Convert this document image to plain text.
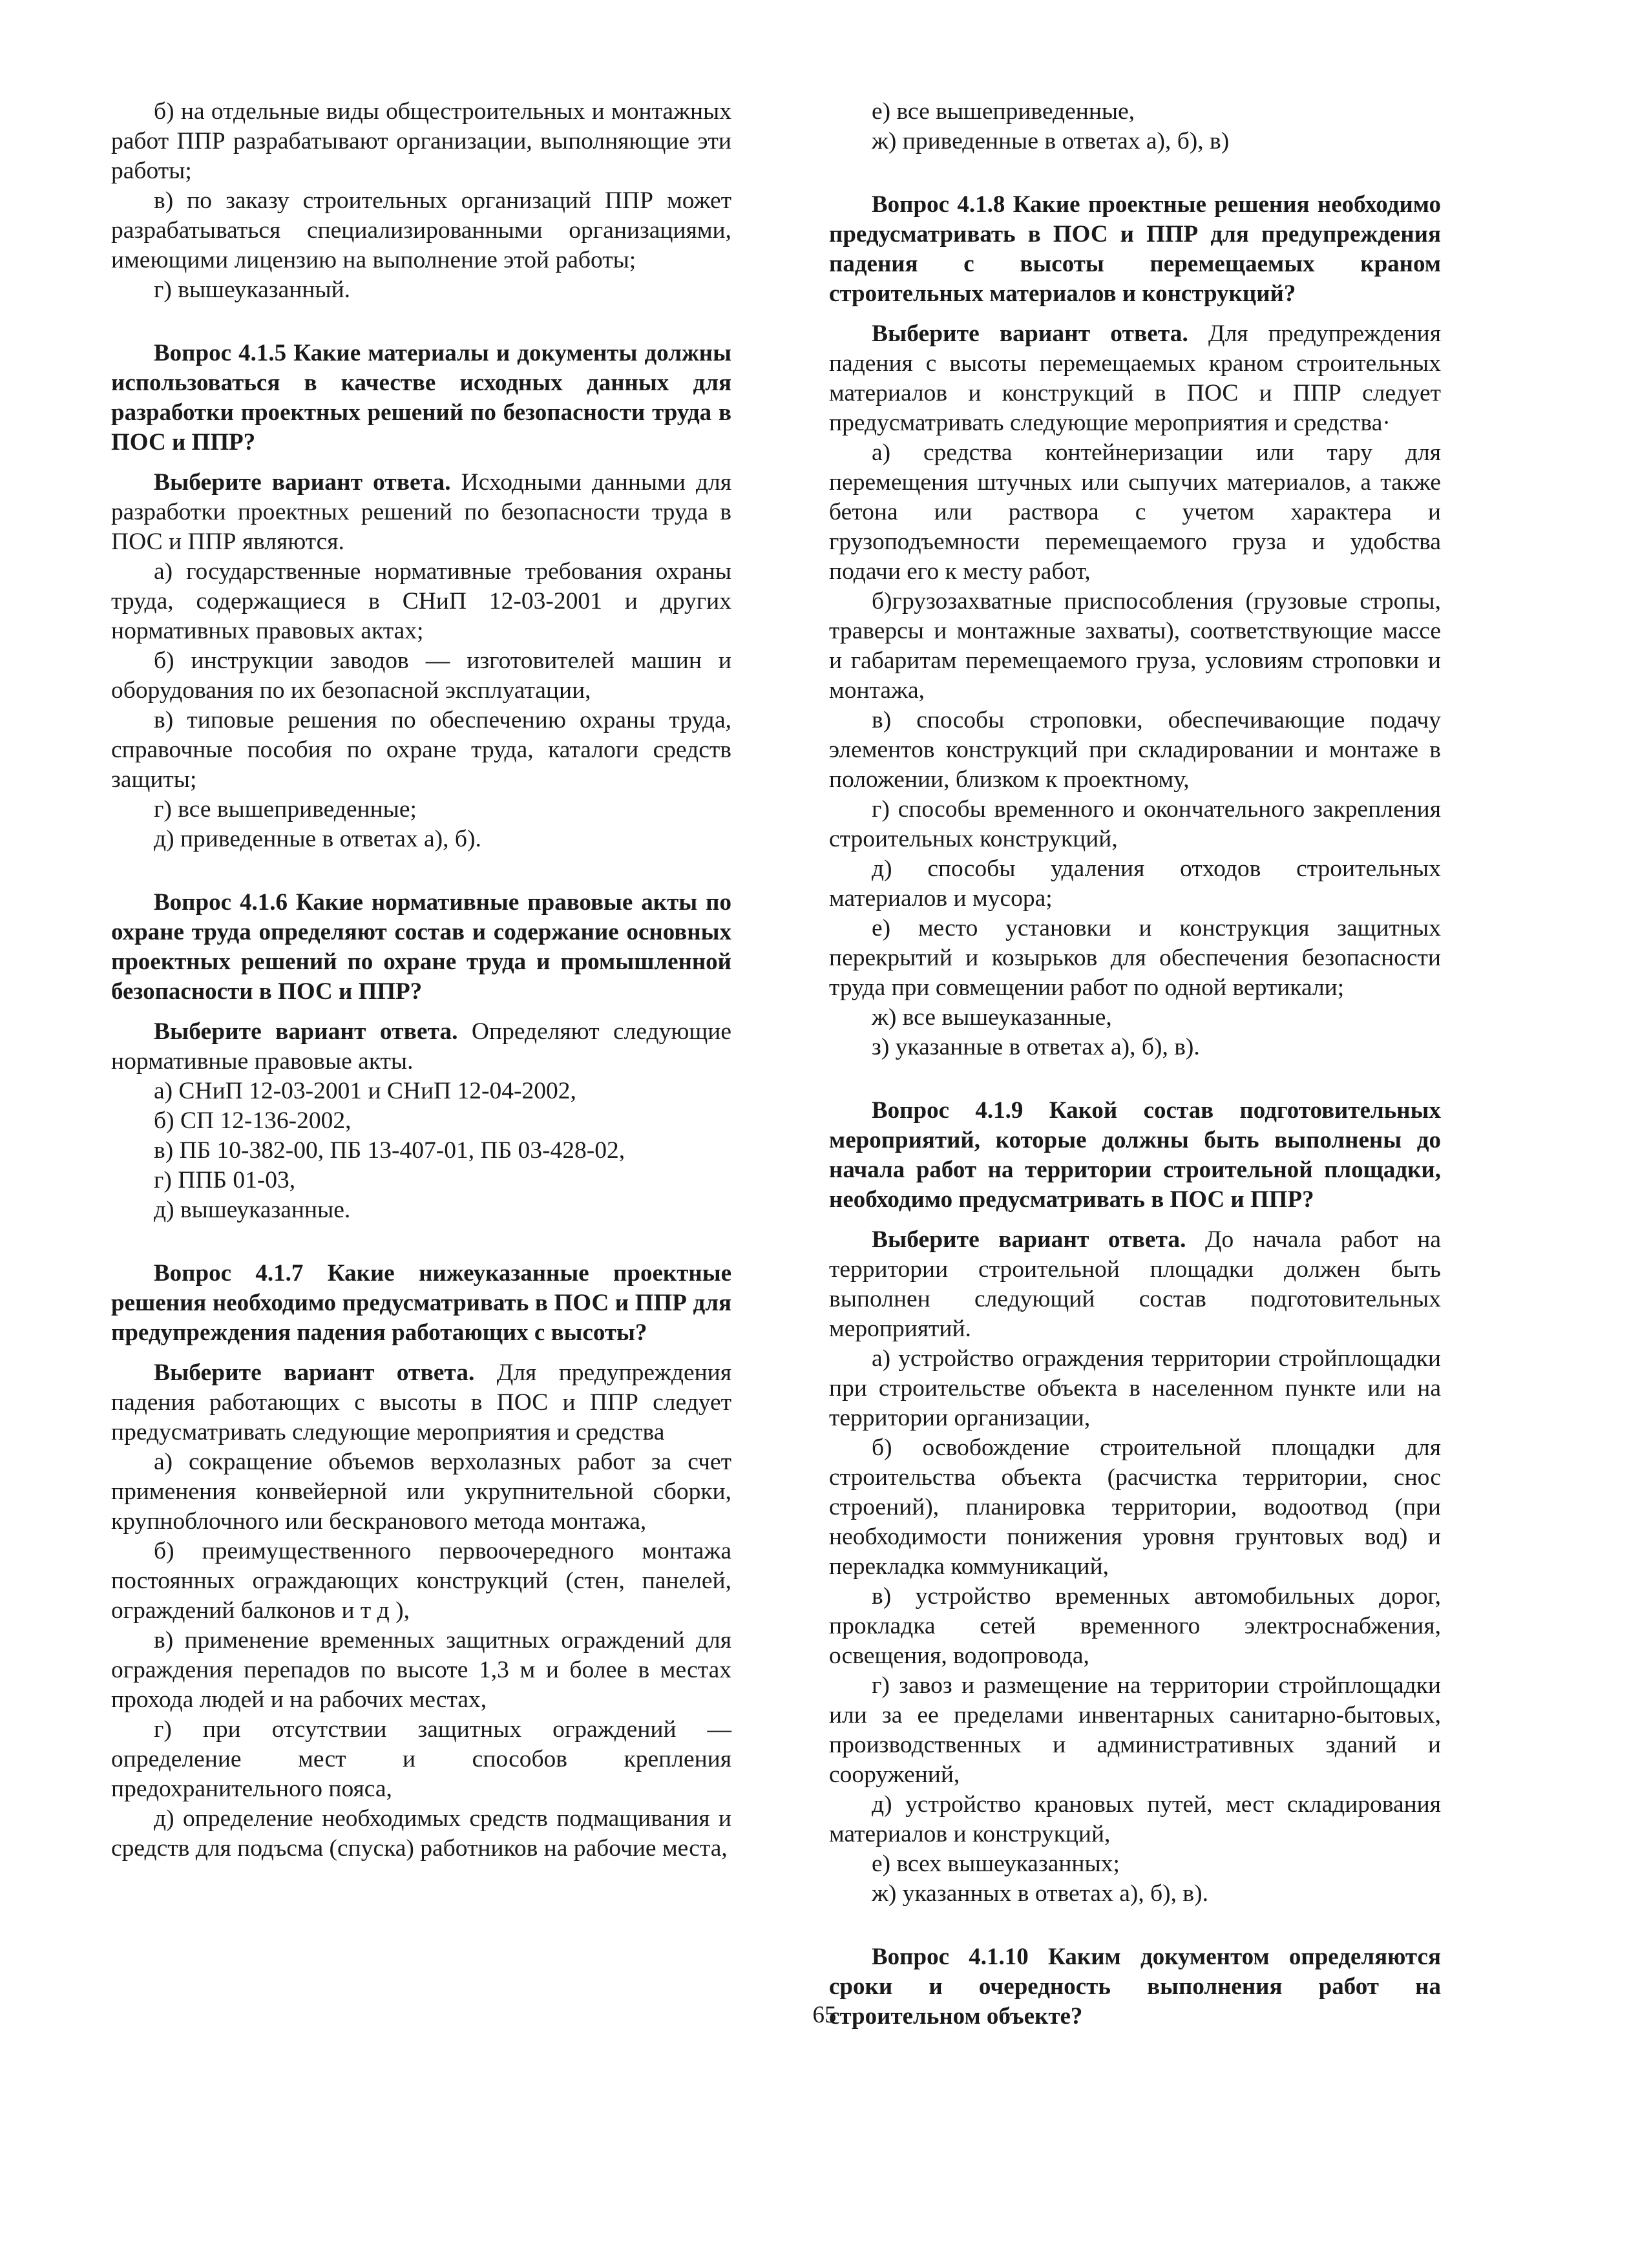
б) на отдельные виды общестроительных и монтажных работ ППР разрабатывают организации, выполняющие эти работы;

в) по заказу строительных организаций ППР может разрабатываться специализированными организациями, имеющими лицензию на выполнение этой работы;

г) вышеуказанный.

Вопрос 4.1.5 Какие материалы и документы должны использоваться в качестве исходных данных для разработки проектных решений по безопасности труда в ПОС и ППР?

Выберите вариант ответа. Исходными данными для разработки проектных решений по безопасности труда в ПОС и ППР являются.

а) государственные нормативные требования охраны труда, содержащиеся в СНиП 12-03-2001 и других нормативных правовых актах;

б) инструкции заводов — изготовителей машин и оборудования по их безопасной эксплуатации,

в) типовые решения по обеспечению охраны труда, справочные пособия по охране труда, каталоги средств защиты;

г) все вышеприведенные;

д) приведенные в ответах а), б).

Вопрос 4.1.6 Какие нормативные правовые акты по охране труда определяют состав и содержание основных проектных решений по охране труда и промышленной безопасности в ПОС и ППР?

Выберите вариант ответа. Определяют следующие нормативные правовые акты.

а) СНиП 12-03-2001 и СНиП 12-04-2002,

б) СП 12-136-2002,

в) ПБ 10-382-00, ПБ 13-407-01, ПБ 03-428-02,

г) ППБ 01-03,

д) вышеуказанные.

Вопрос 4.1.7 Какие нижеуказанные проектные решения необходимо предусматривать в ПОС и ППР для предупреждения падения работающих с высоты?

Выберите вариант ответа. Для предупреждения падения работающих с высоты в ПОС и ППР следует предусматривать следующие мероприятия и средства

а) сокращение объемов верхолазных работ за счет применения конвейерной или укрупнительной сборки, крупноблочного или бескранового метода монтажа,

б) преимущественного первоочередного монтажа постоянных ограждающих конструкций (стен, панелей, ограждений балконов и т д ),

в) применение временных защитных ограждений для ограждения перепадов по высоте 1,3 м и более в местах прохода людей и на рабочих местах,

г) при отсутствии защитных ограждений — определение мест и способов крепления предохранительного пояса,

д) определение необходимых средств подмащивания и средств для подъсма (спуска) работников на рабочие места,

е) все вышеприведенные,

ж) приведенные в ответах а), б), в)

Вопрос 4.1.8 Какие проектные решения необходимо предусматривать в ПОС и ППР для предупреждения падения с высоты перемещаемых краном строительных материалов и конструкций?

Выберите вариант ответа. Для предупреждения падения с высоты перемещаемых краном строительных материалов и конструкций в ПОС и ППР следует предусматривать следующие мероприятия и средства·

а) средства контейнеризации или тару для перемещения штучных или сыпучих материалов, а также бетона или раствора с учетом характера и грузоподъемности перемещаемого груза и удобства подачи его к месту работ,

б)грузозахватные приспособления (грузовые стропы, траверсы и монтажные захваты), соответствующие массе и габаритам перемещаемого груза, условиям строповки и монтажа,

в) способы строповки, обеспечивающие подачу элементов конструкций при складировании и монтаже в положении, близком к проектному,

г) способы временного и окончательного закрепления строительных конструкций,

д) способы удаления отходов строительных материалов и мусора;

е) место установки и конструкция защитных перекрытий и козырьков для обеспечения безопасности труда при совмещении работ по одной вертикали;

ж) все вышеуказанные,

з) указанные в ответах а), б), в).

Вопрос 4.1.9 Какой состав подготовительных мероприятий, которые должны быть выполнены до начала работ на территории строительной площадки, необходимо предусматривать в ПОС и ППР?

Выберите вариант ответа. До начала работ на территории строительной площадки должен быть выполнен следующий состав подготовительных мероприятий.

а) устройство ограждения территории стройплощадки при строительстве объекта в населенном пункте или на территории организации,

б) освобождение строительной площадки для строительства объекта (расчистка территории, снос строений), планировка территории, водоотвод (при необходимости понижения уровня грунтовых вод) и перекладка коммуникаций,

в) устройство временных автомобильных дорог, прокладка сетей временного электроснабжения, освещения, водопровода,

г) завоз и размещение на территории стройплощадки или за ее пределами инвентарных санитарно-бытовых, производственных и административных зданий и сооружений,

д) устройство крановых путей, мест складирования материалов и конструкций,

е) всех вышеуказанных;

ж) указанных в ответах а), б), в).

Вопрос 4.1.10 Каким документом определяются сроки и очередность выполнения работ на строительном объекте?

65
